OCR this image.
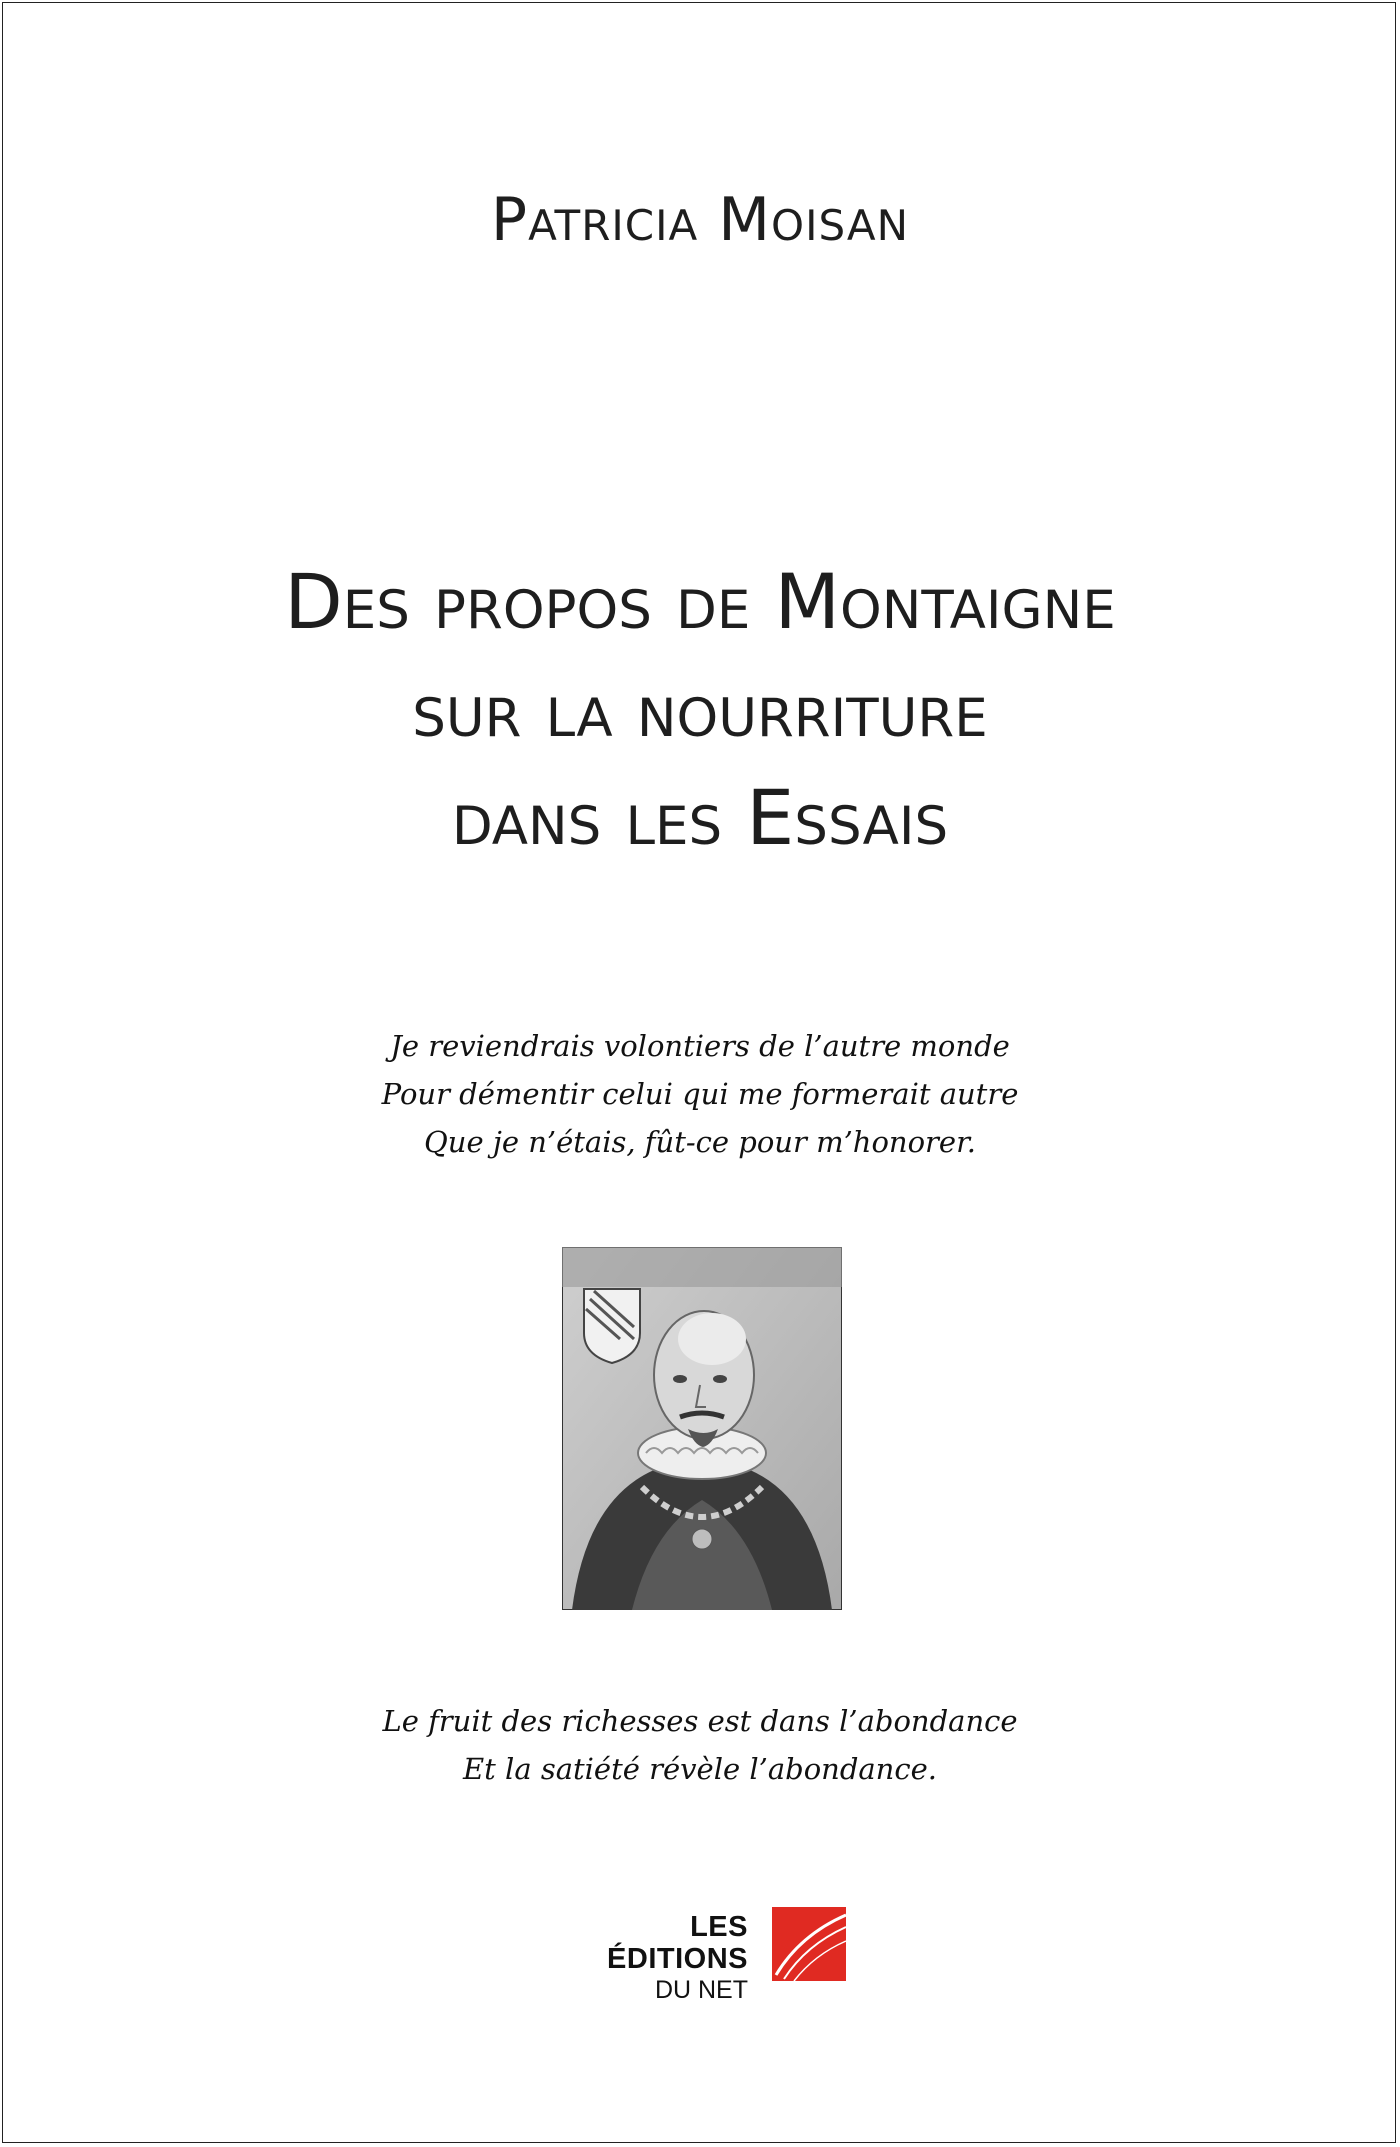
Patricia Moisan
Des propos de Montaigne
sur la nourriture
dans les Essais
Je reviendrais volontiers de l’autre monde
Pour démentir celui qui me formerait autre
Que je n’étais, fût-ce pour m’honorer.
Le fruit des richesses est dans l’abondance
Et la satiété révèle l’abondance.
LES ÉDITIONS
DU NET
